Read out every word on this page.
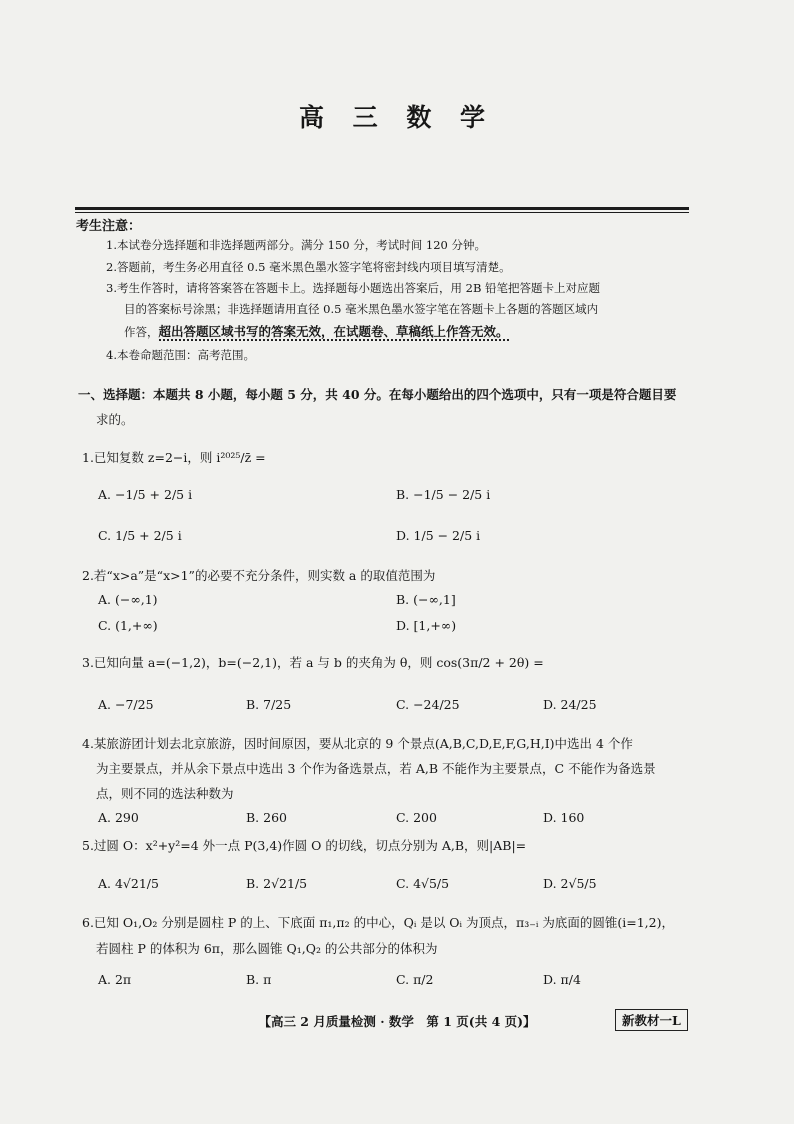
高 三 数 学
考生注意：
1.本试卷分选择题和非选择题两部分。满分 150 分，考试时间 120 分钟。
2.答题前，考生务必用直径 0.5 毫米黑色墨水签字笔将密封线内项目填写清楚。
3.考生作答时，请将答案答在答题卡上。选择题每小题选出答案后，用 2B 铅笔把答题卡上对应题
目的答案标号涂黑；非选择题请用直径 0.5 毫米黑色墨水签字笔在答题卡上各题的答题区域内
作答，超出答题区域书写的答案无效，在试题卷、草稿纸上作答无效。
4.本卷命题范围：高考范围。
一、选择题：本题共 8 小题，每小题 5 分，共 40 分。在每小题给出的四个选项中，只有一项是符合题目要
求的。
1.已知复数 z=2−i，则 i²⁰²⁵/z̄ =
A. −1/5 + 2/5 i	B. −1/5 − 2/5 i
C. 1/5 + 2/5 i	D. 1/5 − 2/5 i
2.若“x>a”是“x>1”的必要不充分条件，则实数 a 的取值范围为
A. (−∞,1)	B. (−∞,1]
C. (1,+∞)	D. [1,+∞)
3.已知向量 a=(−1,2)，b=(−2,1)，若 a 与 b 的夹角为 θ，则 cos(3π/2 + 2θ) =
A. −7/25	B. 7/25	C. −24/25	D. 24/25
4.某旅游团计划去北京旅游，因时间原因，要从北京的 9 个景点(A,B,C,D,E,F,G,H,I)中选出 4 个作
为主要景点，并从余下景点中选出 3 个作为备选景点，若 A,B 不能作为主要景点，C 不能作为备选景
点，则不同的选法种数为
A. 290	B. 260	C. 200	D. 160
5.过圆 O：x²+y²=4 外一点 P(3,4)作圆 O 的切线，切点分别为 A,B，则|AB|=
A. 4√21/5	B. 2√21/5	C. 4√5/5	D. 2√5/5
6.已知 O₁,O₂ 分别是圆柱 P 的上、下底面 π₁,π₂ 的中心，Qᵢ 是以 Oᵢ 为顶点，π₃₋ᵢ 为底面的圆锥(i=1,2)，
若圆柱 P 的体积为 6π，那么圆锥 Q₁,Q₂ 的公共部分的体积为
A. 2π	B. π	C. π/2	D. π/4
【高三 2 月质量检测 · 数学　第 1 页(共 4 页)】	新教材一L
